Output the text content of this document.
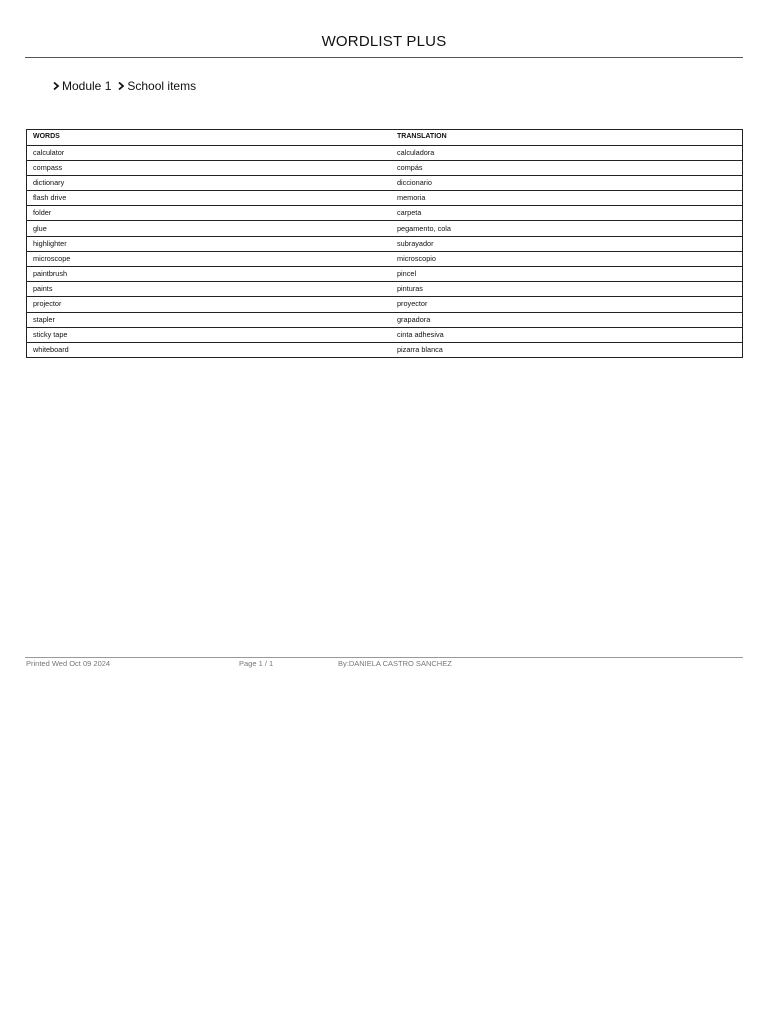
WORDLIST PLUS
Module 1 School items
WORDS	TRANSLATION
calculator	calculadora
compass	compás
dictionary	diccionario
flash drive	memoria
folder	carpeta
glue	pegamento, cola
highlighter	subrayador
microscope	microscopio
paintbrush	pincel
paints	pinturas
projector	proyector
stapler	grapadora
sticky tape	cinta adhesiva
whiteboard	pizarra blanca
Printed Wed Oct 09 2024	Page 1 / 1	By:DANIELA CASTRO SANCHEZ
